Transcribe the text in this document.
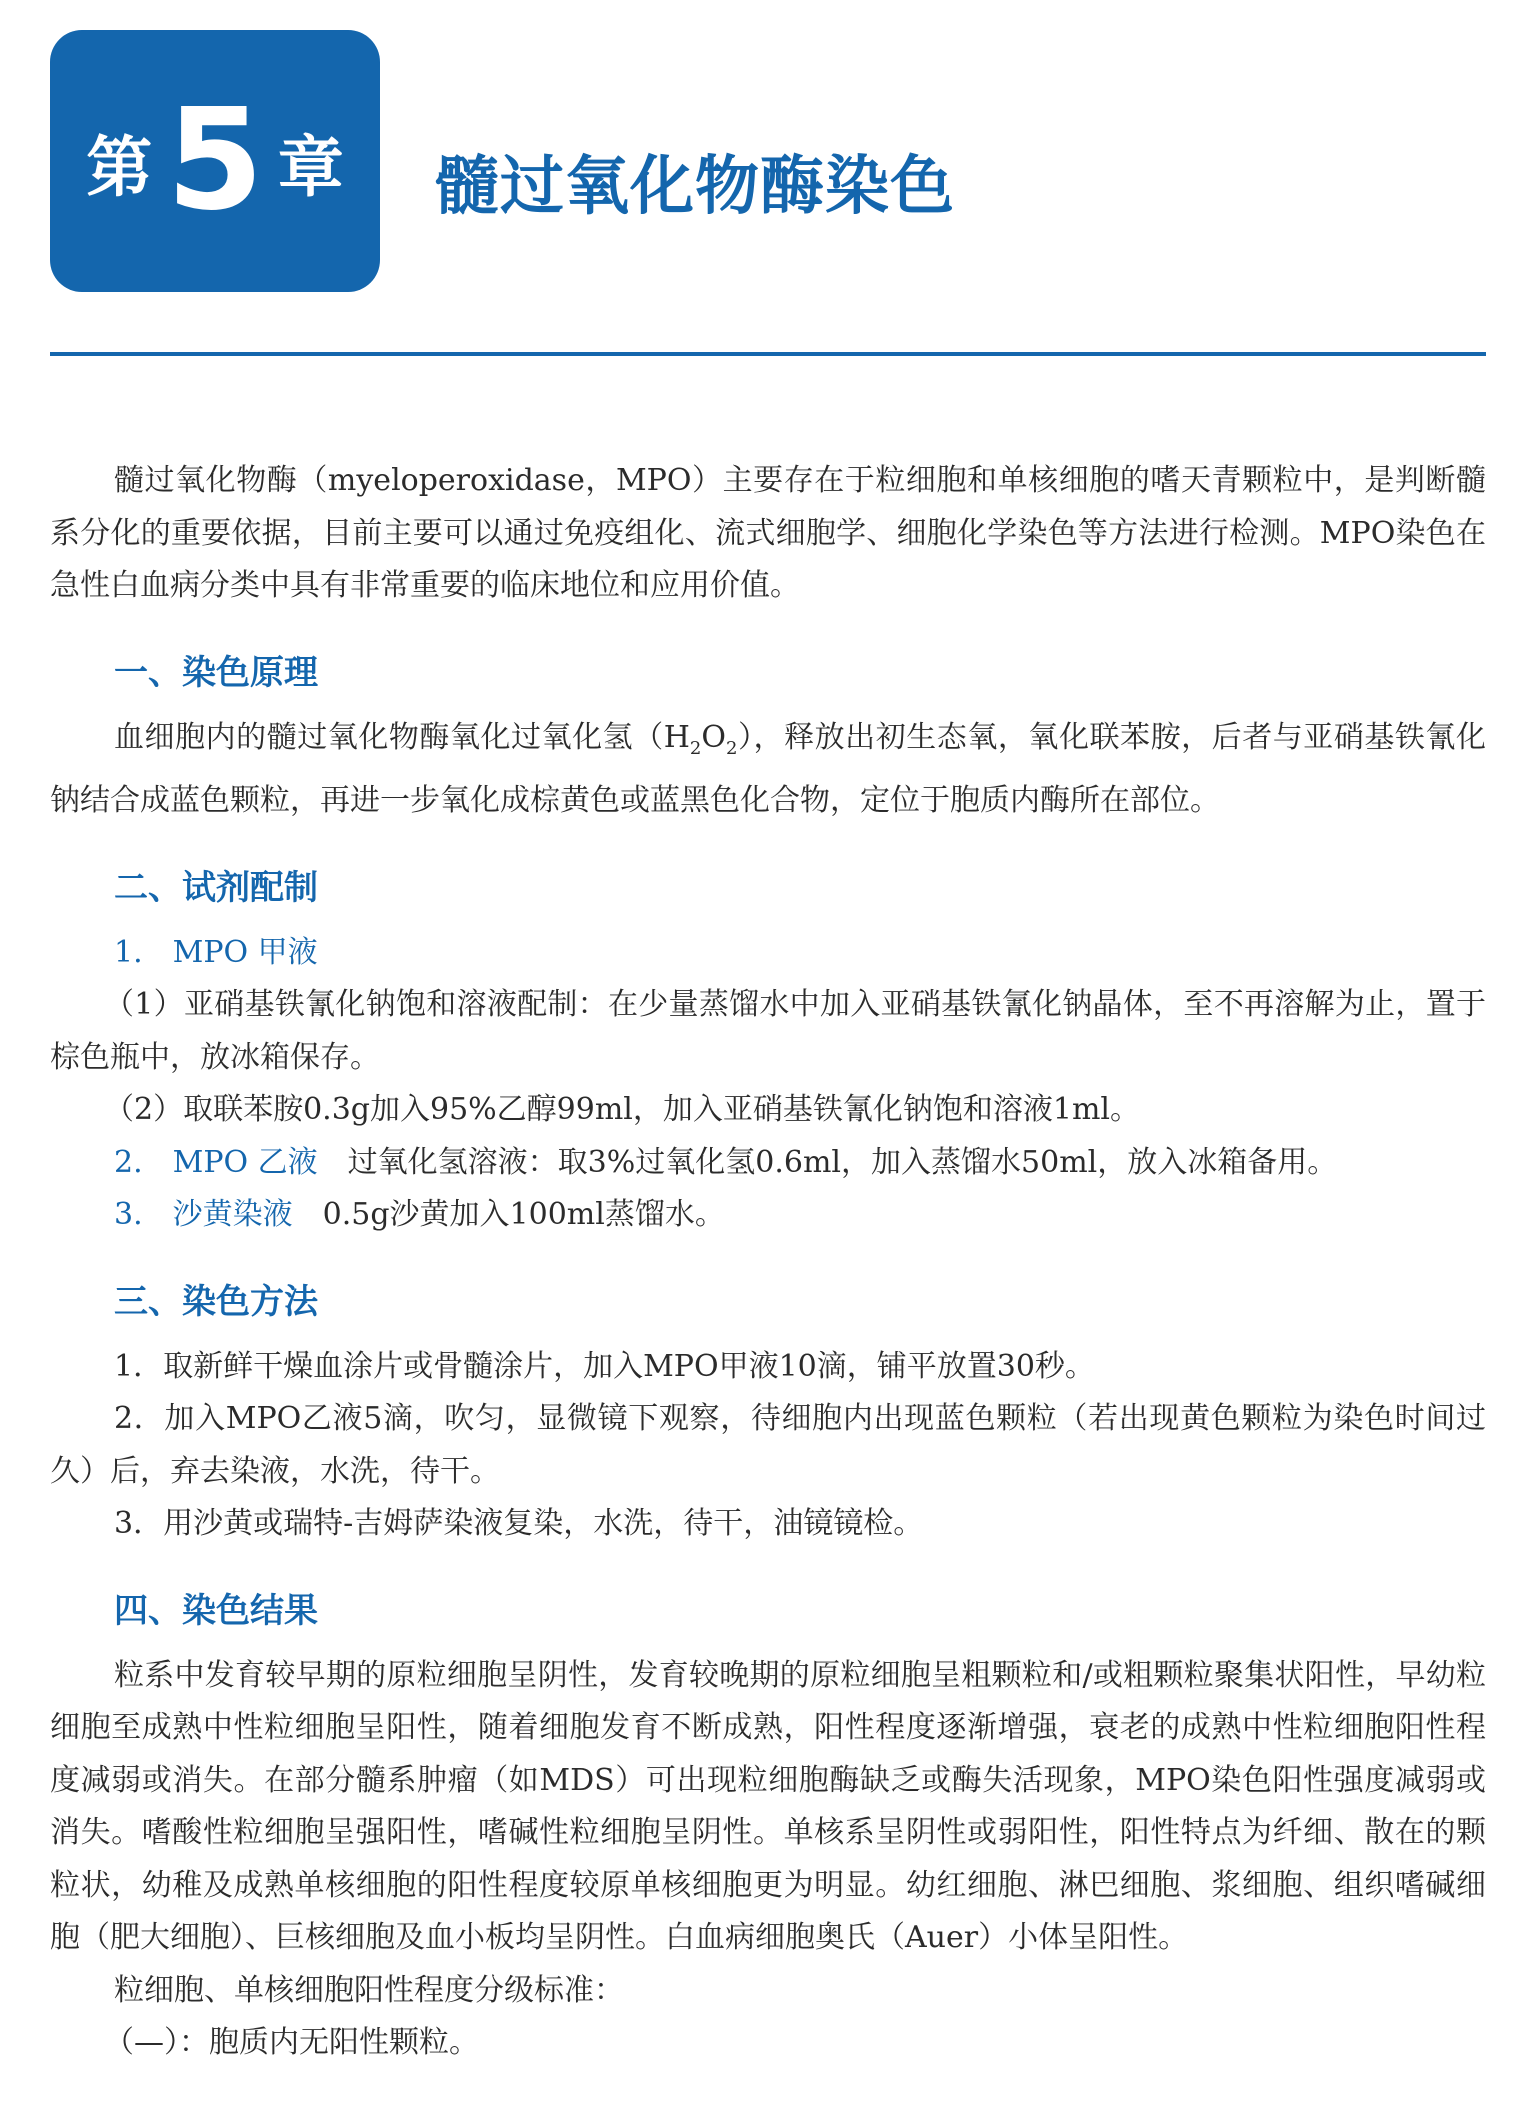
第 5 章 髓过氧化物酶染色

髓过氧化物酶（myeloperoxidase，MPO）主要存在于粒细胞和单核细胞的嗜天青颗粒中，是判断髓系分化的重要依据，目前主要可以通过免疫组化、流式细胞学、细胞化学染色等方法进行检测。MPO染色在急性白血病分类中具有非常重要的临床地位和应用价值。

一、染色原理

血细胞内的髓过氧化物酶氧化过氧化氢$(H_2O_2)$，释放出初生态氧，氧化联苯胺，后者与亚硝基铁氰化钠结合成蓝色颗粒，再进一步氧化成棕黄色或蓝黑色化合物，定位于胞质内酶所在部位。

二、试剂配制

1.　MPO 甲液

（1）亚硝基铁氰化钠饱和溶液配制：在少量蒸馏水中加入亚硝基铁氰化钠晶体，至不再溶解为止，置于棕色瓶中，放冰箱保存。

（2）取联苯胺0.3g加入95%乙醇99ml，加入亚硝基铁氰化钠饱和溶液1ml。

2.　MPO 乙液　过氧化氢溶液：取3%过氧化氢0.6ml，加入蒸馏水50ml，放入冰箱备用。

3.　沙黄染液　0.5g沙黄加入100ml蒸馏水。

三、染色方法

1．取新鲜干燥血涂片或骨髓涂片，加入MPO甲液10滴，铺平放置30秒。

2．加入MPO乙液5滴，吹匀，显微镜下观察，待细胞内出现蓝色颗粒（若出现黄色颗粒为染色时间过久）后，弃去染液，水洗，待干。

3．用沙黄或瑞特-吉姆萨染液复染，水洗，待干，油镜镜检。

四、染色结果

粒系中发育较早期的原粒细胞呈阴性，发育较晚期的原粒细胞呈粗颗粒和/或粗颗粒聚集状阳性，早幼粒细胞至成熟中性粒细胞呈阳性，随着细胞发育不断成熟，阳性程度逐渐增强，衰老的成熟中性粒细胞阳性程度减弱或消失。在部分髓系肿瘤（如MDS）可出现粒细胞酶缺乏或酶失活现象，MPO染色阳性强度减弱或消失。嗜酸性粒细胞呈强阳性，嗜碱性粒细胞呈阴性。单核系呈阴性或弱阳性，阳性特点为纤细、散在的颗粒状，幼稚及成熟单核细胞的阳性程度较原单核细胞更为明显。幼红细胞、淋巴细胞、浆细胞、组织嗜碱细胞（肥大细胞）、巨核细胞及血小板均呈阴性。白血病细胞奥氏（Auer）小体呈阳性。

粒细胞、单核细胞阳性程度分级标准：

（—）：胞质内无阳性颗粒。
